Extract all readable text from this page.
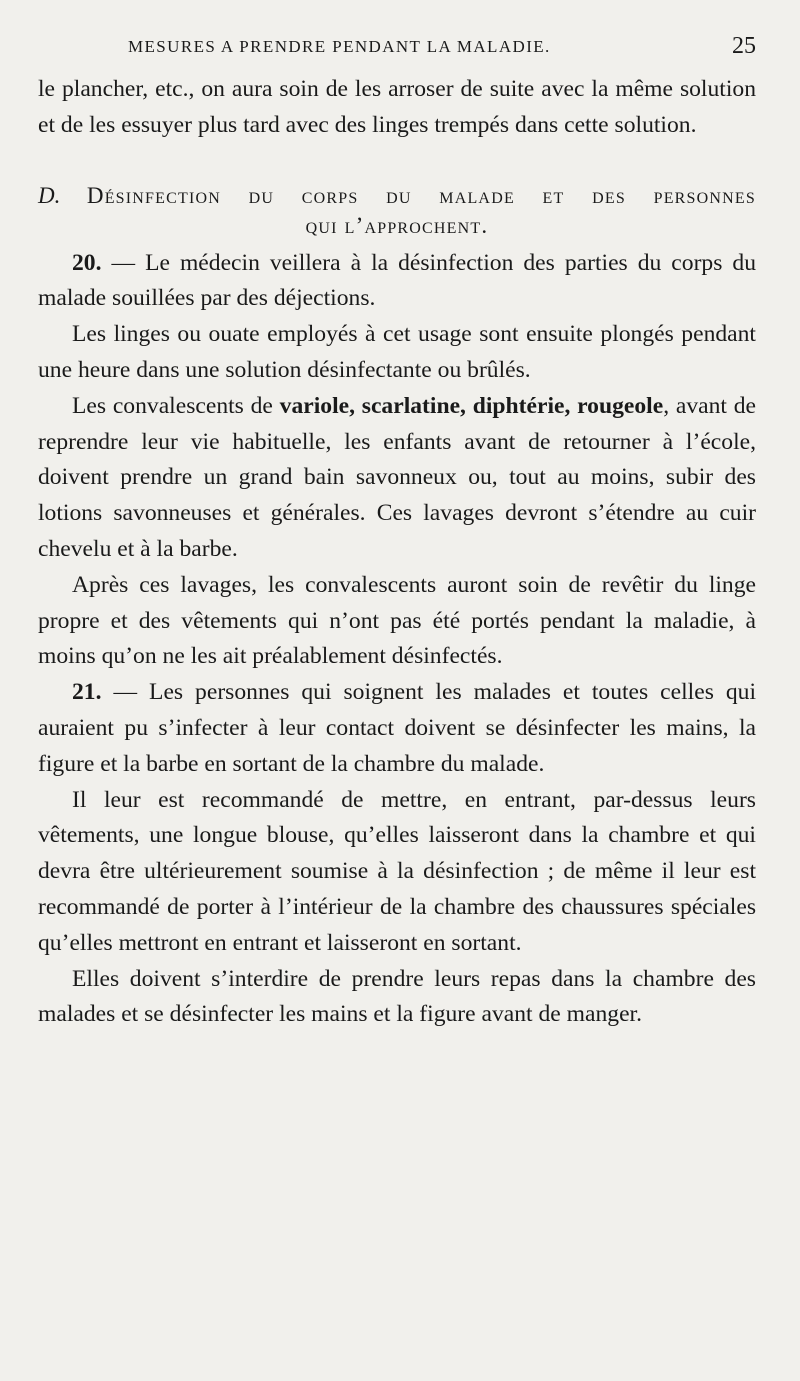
MESURES A PRENDRE PENDANT LA MALADIE.	25

le plancher, etc., on aura soin de les arroser de suite avec la même solution et de les essuyer plus tard avec des linges trempés dans cette solution.

D. Désinfection du corps du malade et des personnes
qui l’approchent.

20. — Le médecin veillera à la désinfection des parties du corps du malade souillées par des déjections.

Les linges ou ouate employés à cet usage sont ensuite plongés pendant une heure dans une solution désinfectante ou brûlés.

Les convalescents de variole, scarlatine, diphtérie, rougeole, avant de reprendre leur vie habituelle, les enfants avant de retourner à l’école, doivent prendre un grand bain savonneux ou, tout au moins, subir des lotions savonneuses et générales. Ces lavages devront s’étendre au cuir chevelu et à la barbe.

Après ces lavages, les convalescents auront soin de revêtir du linge propre et des vêtements qui n’ont pas été portés pendant la maladie, à moins qu’on ne les ait préalablement désinfectés.

21. — Les personnes qui soignent les malades et toutes celles qui auraient pu s’infecter à leur contact doivent se désinfecter les mains, la figure et la barbe en sortant de la chambre du malade.

Il leur est recommandé de mettre, en entrant, par-dessus leurs vêtements, une longue blouse, qu’elles laisseront dans la chambre et qui devra être ultérieurement soumise à la désinfection ; de même il leur est recommandé de porter à l’intérieur de la chambre des chaussures spéciales qu’elles mettront en entrant et laisseront en sortant.

Elles doivent s’interdire de prendre leurs repas dans la chambre des malades et se désinfecter les mains et la figure avant de manger.
